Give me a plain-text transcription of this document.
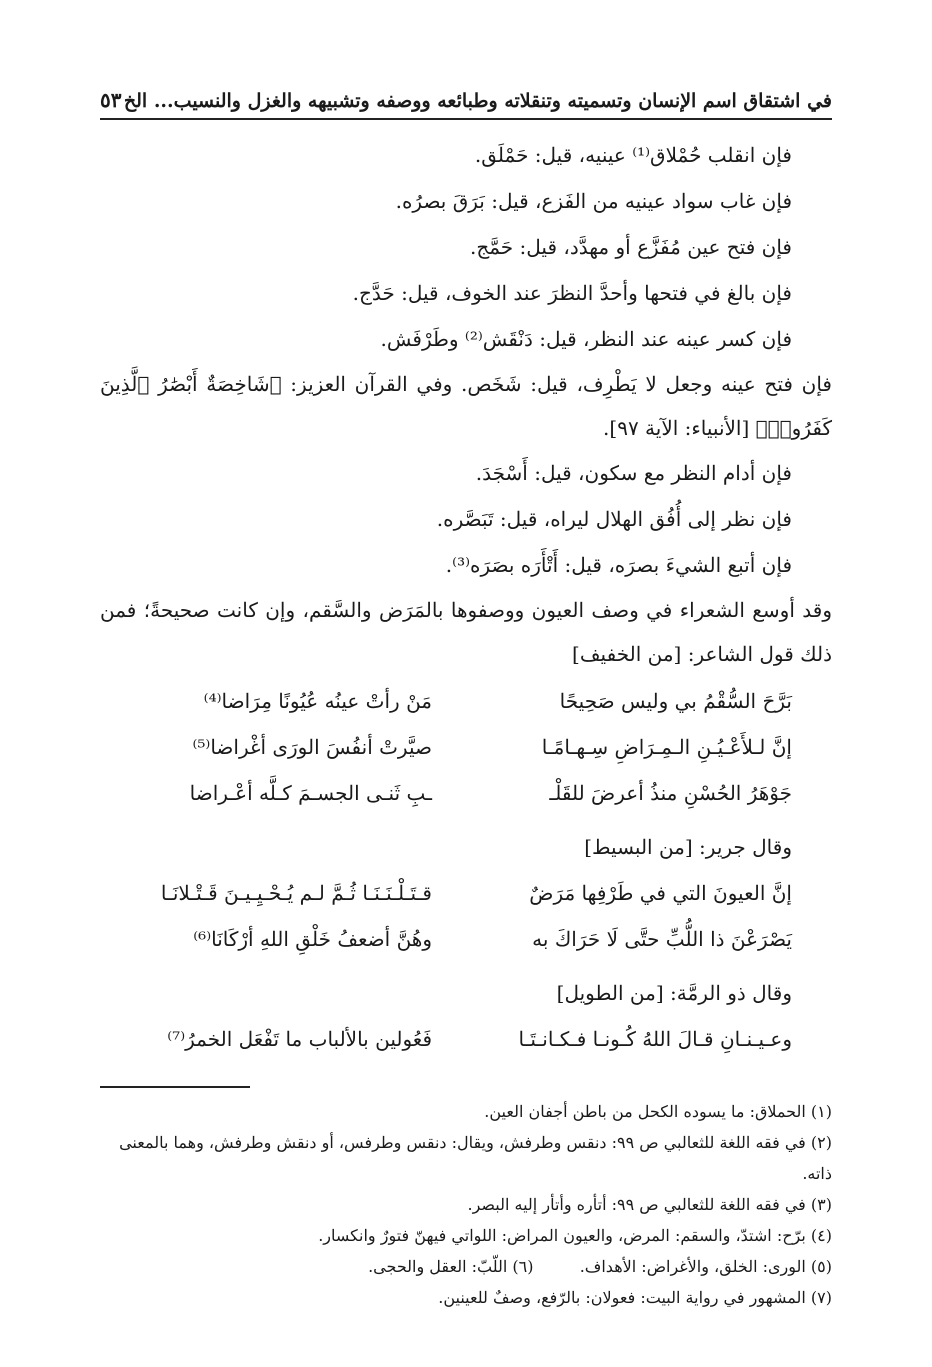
في اشتقاق اسم الإنسان وتسميته وتنقلاته وطبائعه ووصفه وتشبيهه والغزل والنسيب... الخ
٥٣
فإن انقلب حُمْلاق⁽¹⁾ عينيه، قيل: حَمْلَق.
فإن غاب سواد عينيه من الفَزع، قيل: بَرَقَ بصرُه.
فإن فتح عين مُفَزَّع أو مهدَّد، قيل: حَمَّج.
فإن بالغ في فتحها وأحدَّ النظرَ عند الخوف، قيل: حَدَّج.
فإن كسر عينه عند النظر، قيل: دَنْقَش⁽²⁾ وطَرْفَش.
فإن فتح عينه وجعل لا يَطْرِف، قيل: شَخَص. وفي القرآن العزيز: ﴿شَاخِصَةٌ أَبْصَٰرُ ٱلَّذِينَ كَفَرُوا۟﴾ [الأنبياء: الآية ٩٧].
فإن أدام النظر مع سكون، قيل: أَسْجَدَ.
فإن نظر إلى أُفُق الهلال ليراه، قيل: تَبَصَّره.
فإن أتبع الشيءَ بصرَه، قيل: أَتْأَرَه بصَرَه⁽³⁾.
وقد أوسع الشعراء في وصف العيون ووصفوها بالمَرَض والسَّقم، وإن كانت صحيحةً؛ فمن ذلك قول الشاعر: [من الخفيف]
بَرَّحَ السُّقْمُ بي وليس صَحِيحًا
مَنْ رأتْ عينُه عُيُونًا مِرَاضا⁽⁴⁾
إنَّ لـلأَعْـيُـنِ الـمِـرَاضِ سِـهـامًـا
صيَّرتْ أنفُسَ الورَى أغْراضا⁽⁵⁾
جَوْهَرُ الحُسْنِ منذُ أعرضَ للقَلْـ
ـبِ ثَنـى الجسـمَ كـلَّه أعْـراضا
وقال جرير: [من البسيط]
إنَّ العيونَ التي في طَرْفِها مَرَضٌ
قـتَـلْـنَـنَـا ثُـمَّ لـم يُـحْـيِـيـنَ قَـتْـلانَـا
يَصْرَعْنَ ذا اللُّبِّ حتَّى لَا حَرَاكَ به
وهُنَّ أضعفُ خَلْقِ اللهِ أرْكَانَا⁽⁶⁾
وقال ذو الرمَّة: [من الطويل]
وعـيـنـانِ قـالَ اللهُ كُـونـا فـكـانـتَـا
فَعُولين بالألباب ما تَفْعَل الخمرُ⁽⁷⁾
(١) الحملاق: ما يسوده الكحل من باطن أجفان العين.
(٢) في فقه اللغة للثعالبي ص ٩٩: دنقس وطرفش، ويقال: دنقس وطرفس، أو دنقش وطرفش، وهما بالمعنى ذاته.
(٣) في فقه اللغة للثعالبي ص ٩٩: أتأره وأتأر إليه البصر.
(٤) برّح: اشتدّ، والسقم: المرض، والعيون المراض: اللواتي فيهنّ فتورٌ وانكسار.
(٥) الورى: الخلق، والأغراض: الأهداف.  (٦) اللّبّ: العقل والحجى.
(٧) المشهور في رواية البيت: فعولان: بالرّفع، وصفٌ للعينين.
